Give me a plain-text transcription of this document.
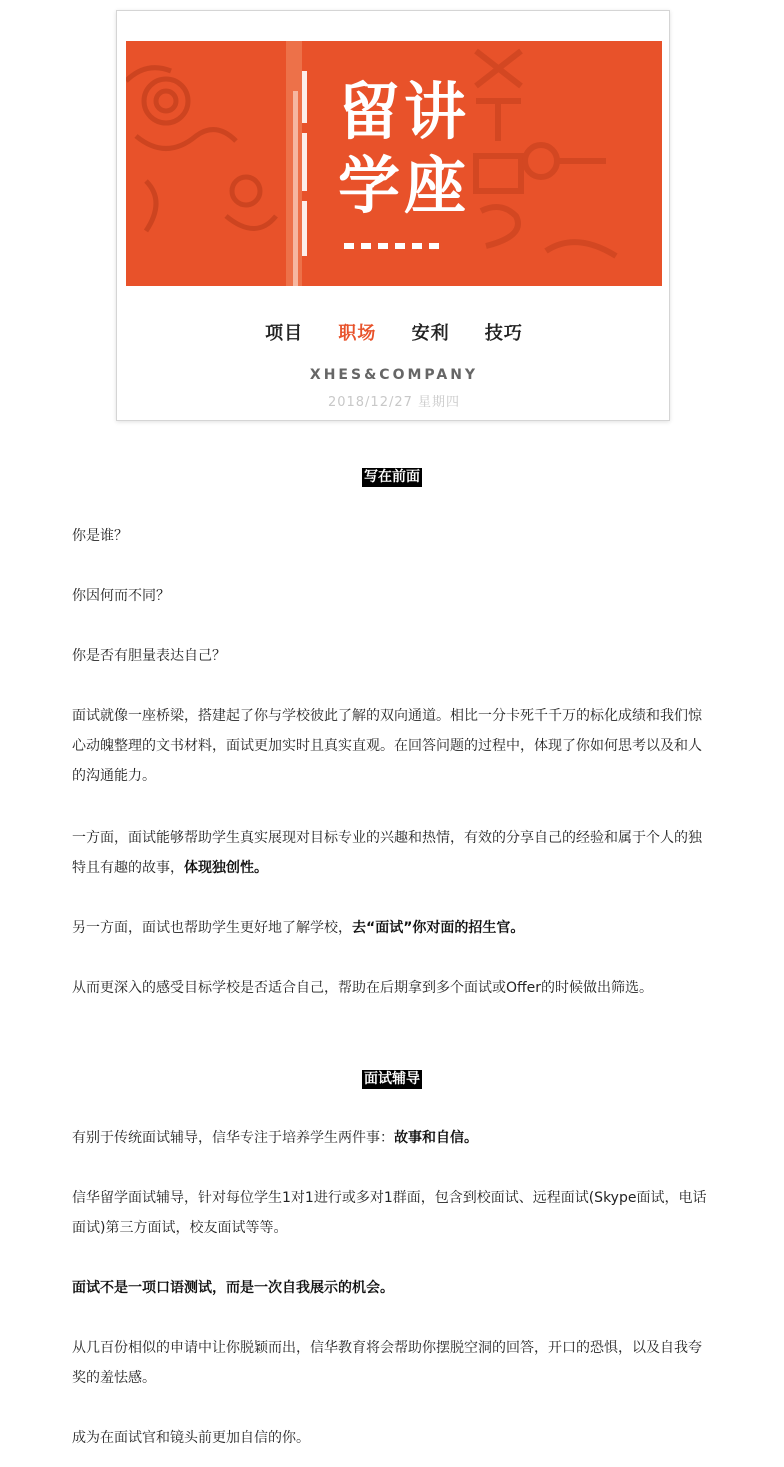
留讲
学座
项目 职场 安利 技巧
XHES&COMPANY
2018/12/27 星期四
写在前面
你是谁？
你因何而不同？
你是否有胆量表达自己？
面试就像一座桥梁，搭建起了你与学校彼此了解的双向通道。相比一分卡死千千万的标化成绩和我们惊心动魄整理的文书材料，面试更加实时且真实直观。在回答问题的过程中，体现了你如何思考以及和人的沟通能力。
一方面，面试能够帮助学生真实展现对目标专业的兴趣和热情，有效的分享自己的经验和属于个人的独特且有趣的故事，体现独创性。
另一方面，面试也帮助学生更好地了解学校，去“面试”你对面的招生官。
从而更深入的感受目标学校是否适合自己，帮助在后期拿到多个面试或Offer的时候做出筛选。
面试辅导
有别于传统面试辅导，信华专注于培养学生两件事：故事和自信。
信华留学面试辅导，针对每位学生1对1进行或多对1群面，包含到校面试、远程面试(Skype面试，电话面试)第三方面试，校友面试等等。
面试不是一项口语测试，而是一次自我展示的机会。
从几百份相似的申请中让你脱颖而出，信华教育将会帮助你摆脱空洞的回答，开口的恐惧，以及自我夸奖的羞怯感。
成为在面试官和镜头前更加自信的你。
